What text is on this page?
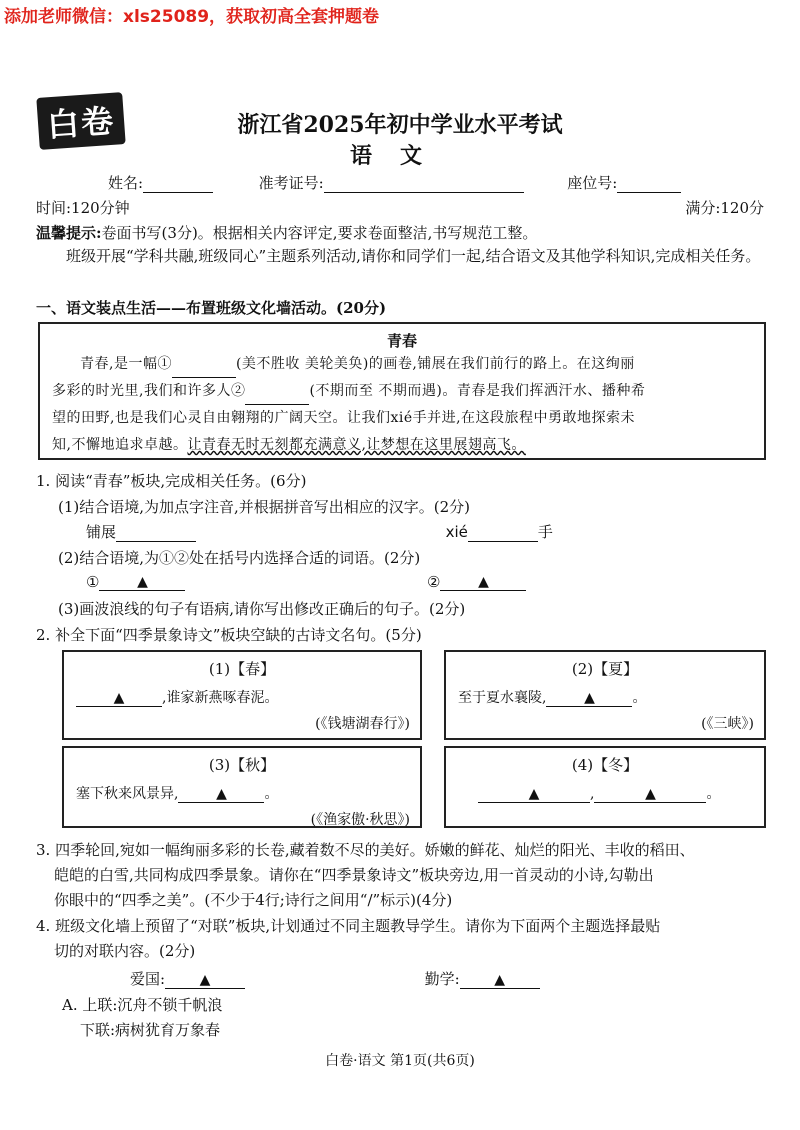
添加老师微信：xls25089，获取初高全套押题卷
白卷	浙江省2025年初中学业水平考试
语文
姓名:	准考证号:	座位号:
时间:120分钟	满分:120分
温馨提示:卷面书写(3分)。根据相关内容评定,要求卷面整洁,书写规范工整。
班级开展“学科共融,班级同心”主题系列活动,请你和同学们一起,结合语文及其他学科知识,完成相关任务。
一、语文装点生活——布置班级文化墙活动。(20分)
青春
青春,是一幅①	(美不胜收 美轮美奂)的画卷,铺展在我们前行的路上。在这绚丽
多彩的时光里,我们和许多人②	(不期而至 不期而遇)。青春是我们挥洒汗水、播种希
望的田野,也是我们心灵自由翱翔的广阔天空。让我们xié手并进,在这段旅程中勇敢地探索未
知,不懈地追求卓越。让青春无时无刻都充满意义,让梦想在这里展翅高飞。
1. 阅读“青春”板块,完成相关任务。(6分)
(1)结合语境,为加点字注音,并根据拼音写出相应的汉字。(2分)
铺展	xié	手
(2)结合语境,为①②处在括号内选择合适的词语。(2分)
①	▲	②	▲
(3)画波浪线的句子有语病,请你写出修改正确后的句子。(2分)
2. 补全下面“四季景象诗文”板块空缺的古诗文名句。(5分)
(1)【春】
▲	,谁家新燕啄春泥。
(《钱塘湖春行》)
(2)【夏】
至于夏水襄陵,	▲	。
(《三峡》)
(3)【秋】
塞下秋来风景异,	▲	。
(《渔家傲·秋思》)
(4)【冬】
▲	,	▲	。
3. 四季轮回,宛如一幅绚丽多彩的长卷,藏着数不尽的美好。娇嫩的鲜花、灿烂的阳光、丰收的稻田、
皑皑的白雪,共同构成四季景象。请你在“四季景象诗文”板块旁边,用一首灵动的小诗,勾勒出
你眼中的“四季之美”。(不少于4行;诗行之间用“/”标示)(4分)
4. 班级文化墙上预留了“对联”板块,计划通过不同主题教导学生。请你为下面两个主题选择最贴
切的对联内容。(2分)
爱国: ▲	勤学: ▲
A. 上联:沉舟不锁千帆浪
下联:病树犹育万象春
白卷·语文 第1页(共6页)
